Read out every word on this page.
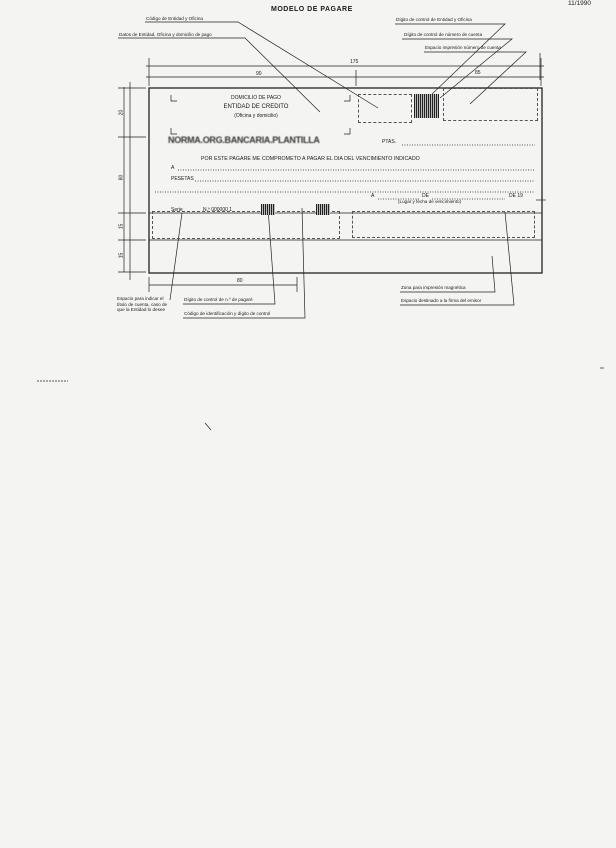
MODELO DE PAGARE
11/1990
Código de Entidad y Oficina
Datos de Entidad, Oficina y domicilio de pago
Dígito de control de Entidad y Oficina
Dígito de control de número de cuenta
Espacio impresión número de cuenta
Espacio para indicar el título de cuenta, caso de que la Entidad lo desee
Dígito de control de n.º de pagaré
Código de identificación y dígito de control
Zona para impresión magnética
Espacio destinado a la firma del emisor
175
90	85
20
80
15
15
80
DOMICILIO DE PAGO
ENTIDAD DE CREDITO
(Oficina y domicilio)
NORMA.ORG.BANCARIA.PLANTILLA	PTAS.
POR ESTE PAGARE ME COMPROMETO A PAGAR EL DIA DEL VENCIMIENTO INDICADO
A
PESETAS
A	DE	DE 19
(Lugar y fecha de vencimiento)
Serie	N.º 000000 1
